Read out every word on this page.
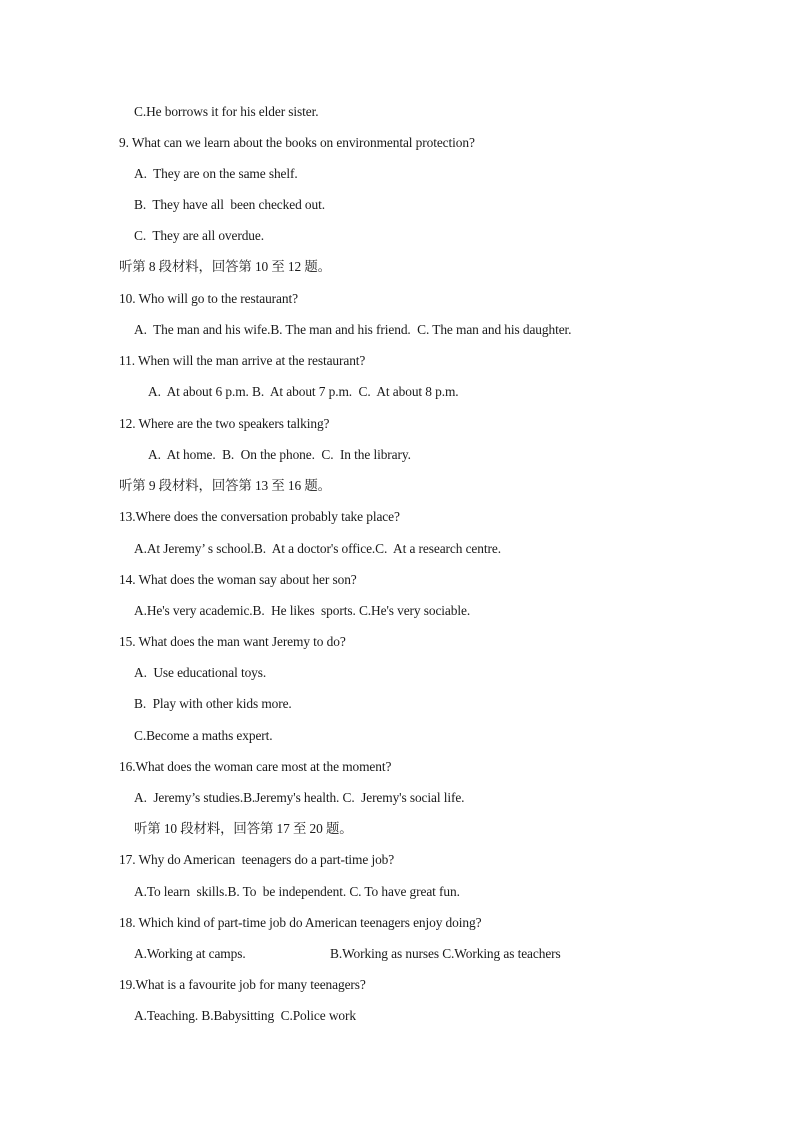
C.He borrows it for his elder sister.
9. What can we learn about the books on environmental protection?
A.  They are on the same shelf.
B.  They have all  been checked out.
C.  They are all overdue.
听第 8 段材料，回答第 10 至 12 题。
10. Who will go to the restaurant?
A.  The man and his wife.B. The man and his friend.  C. The man and his daughter.
11. When will the man arrive at the restaurant?
A.  At about 6 p.m. B.  At about 7 p.m.  C.  At about 8 p.m.
12. Where are the two speakers talking?
A.  At home.  B.  On the phone.  C.  In the library.
听第 9 段材料，回答第 13 至 16 题。
13.Where does the conversation probably take place?
A.At Jeremy’ s school.B.  At a doctor's office.C.  At a research centre.
14. What does the woman say about her son?
A.He's very academic.B.  He likes  sports. C.He's very sociable.
15. What does the man want Jeremy to do?
A.  Use educational toys.
B.  Play with other kids more.
C.Become a maths expert.
16.What does the woman care most at the moment?
A.  Jeremy’s studies.B.Jeremy's health. C.  Jeremy's social life.
听第 10 段材料，回答第 17 至 20 题。
17. Why do American  teenagers do a part-time job?
A.To learn  skills.B. To  be independent. C. To have great fun.
18. Which kind of part-time job do American teenagers enjoy doing?
A.Working at camps.	B.Working as nurses C.Working as teachers
19.What is a favourite job for many teenagers?
A.Teaching. B.Babysitting  C.Police work
